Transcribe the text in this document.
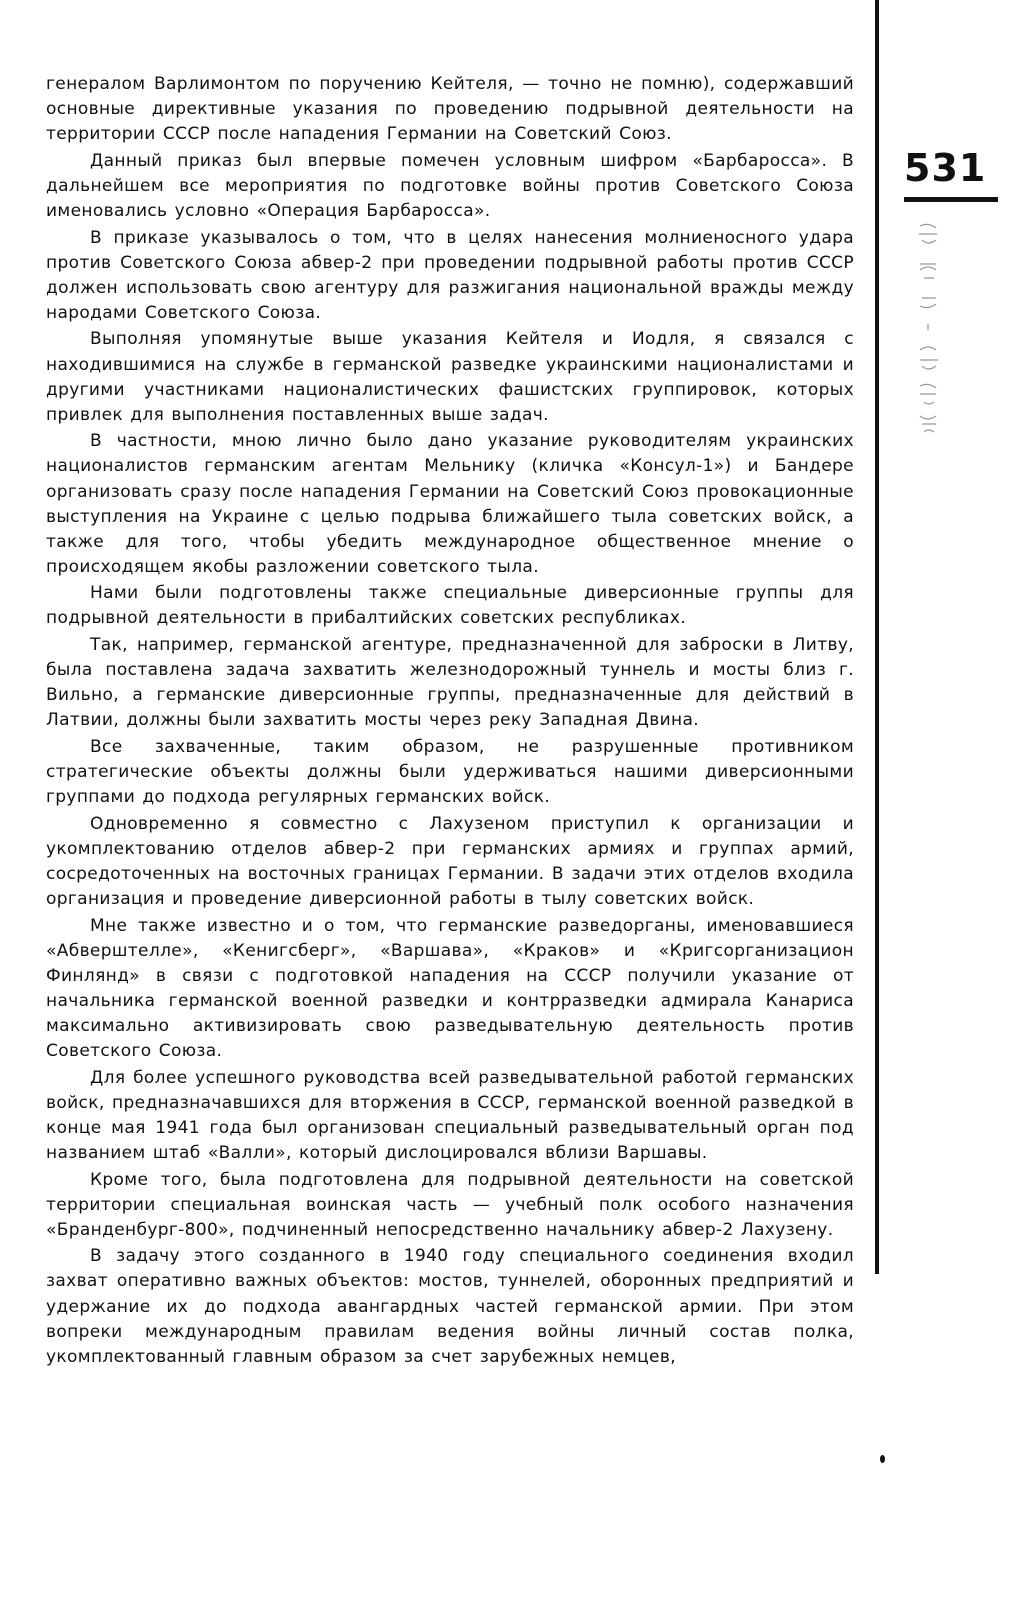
генералом Варлимонтом по поручению Кейтеля, — точно не помню), содержавший основные директивные указания по проведению подрывной деятельности на территории СССР после нападения Германии на Советский Союз.

Данный приказ был впервые помечен условным шифром «Барбаросса». В дальнейшем все мероприятия по подготовке войны против Советского Союза именовались условно «Операция Барбаросса».

В приказе указывалось о том, что в целях нанесения молниеносного удара против Советского Союза абвер-2 при проведении подрывной работы против СССР должен использовать свою агентуру для разжигания национальной вражды между народами Советского Союза.

Выполняя упомянутые выше указания Кейтеля и Иодля, я связался с находившимися на службе в германской разведке украинскими националистами и другими участниками националистических фашистских группировок, которых привлек для выполнения поставленных выше задач.

В частности, мною лично было дано указание руководителям украинских националистов германским агентам Мельнику (кличка «Консул-1») и Бандере организовать сразу после нападения Германии на Советский Союз провокационные выступления на Украине с целью подрыва ближайшего тыла советских войск, а также для того, чтобы убедить международное общественное мнение о происходящем якобы разложении советского тыла.

Нами были подготовлены также специальные диверсионные группы для подрывной деятельности в прибалтийских советских республиках.

Так, например, германской агентуре, предназначенной для заброски в Литву, была поставлена задача захватить железнодорожный туннель и мосты близ г. Вильно, а германские диверсионные группы, предназначенные для действий в Латвии, должны были захватить мосты через реку Западная Двина.

Все захваченные, таким образом, не разрушенные противником стратегические объекты должны были удерживаться нашими диверсионными группами до подхода регулярных германских войск.

Одновременно я совместно с Лахузеном приступил к организации и укомплектованию отделов абвер-2 при германских армиях и группах армий, сосредоточенных на восточных границах Германии. В задачи этих отделов входила организация и проведение диверсионной работы в тылу советских войск.

Мне также известно и о том, что германские разведорганы, именовавшиеся «Абверштелле», «Кенигсберг», «Варшава», «Краков» и «Кригсорганизацион Финлянд» в связи с подготовкой нападения на СССР получили указание от начальника германской военной разведки и контрразведки адмирала Канариса максимально активизировать свою разведывательную деятельность против Советского Союза.

Для более успешного руководства всей разведывательной работой германских войск, предназначавшихся для вторжения в СССР, германской военной разведкой в конце мая 1941 года был организован специальный разведывательный орган под названием штаб «Валли», который дислоцировался вблизи Варшавы.

Кроме того, была подготовлена для подрывной деятельности на советской территории специальная воинская часть — учебный полк особого назначения «Бранденбург-800», подчиненный непосредственно начальнику абвер-2 Лахузену.

В задачу этого созданного в 1940 году специального соединения входил захват оперативно важных объектов: мостов, туннелей, оборонных предприятий и удержание их до подхода авангардных частей германской армии. При этом вопреки международным правилам ведения войны личный состав полка, укомплектованный главным образом за счет зарубежных немцев,

531
